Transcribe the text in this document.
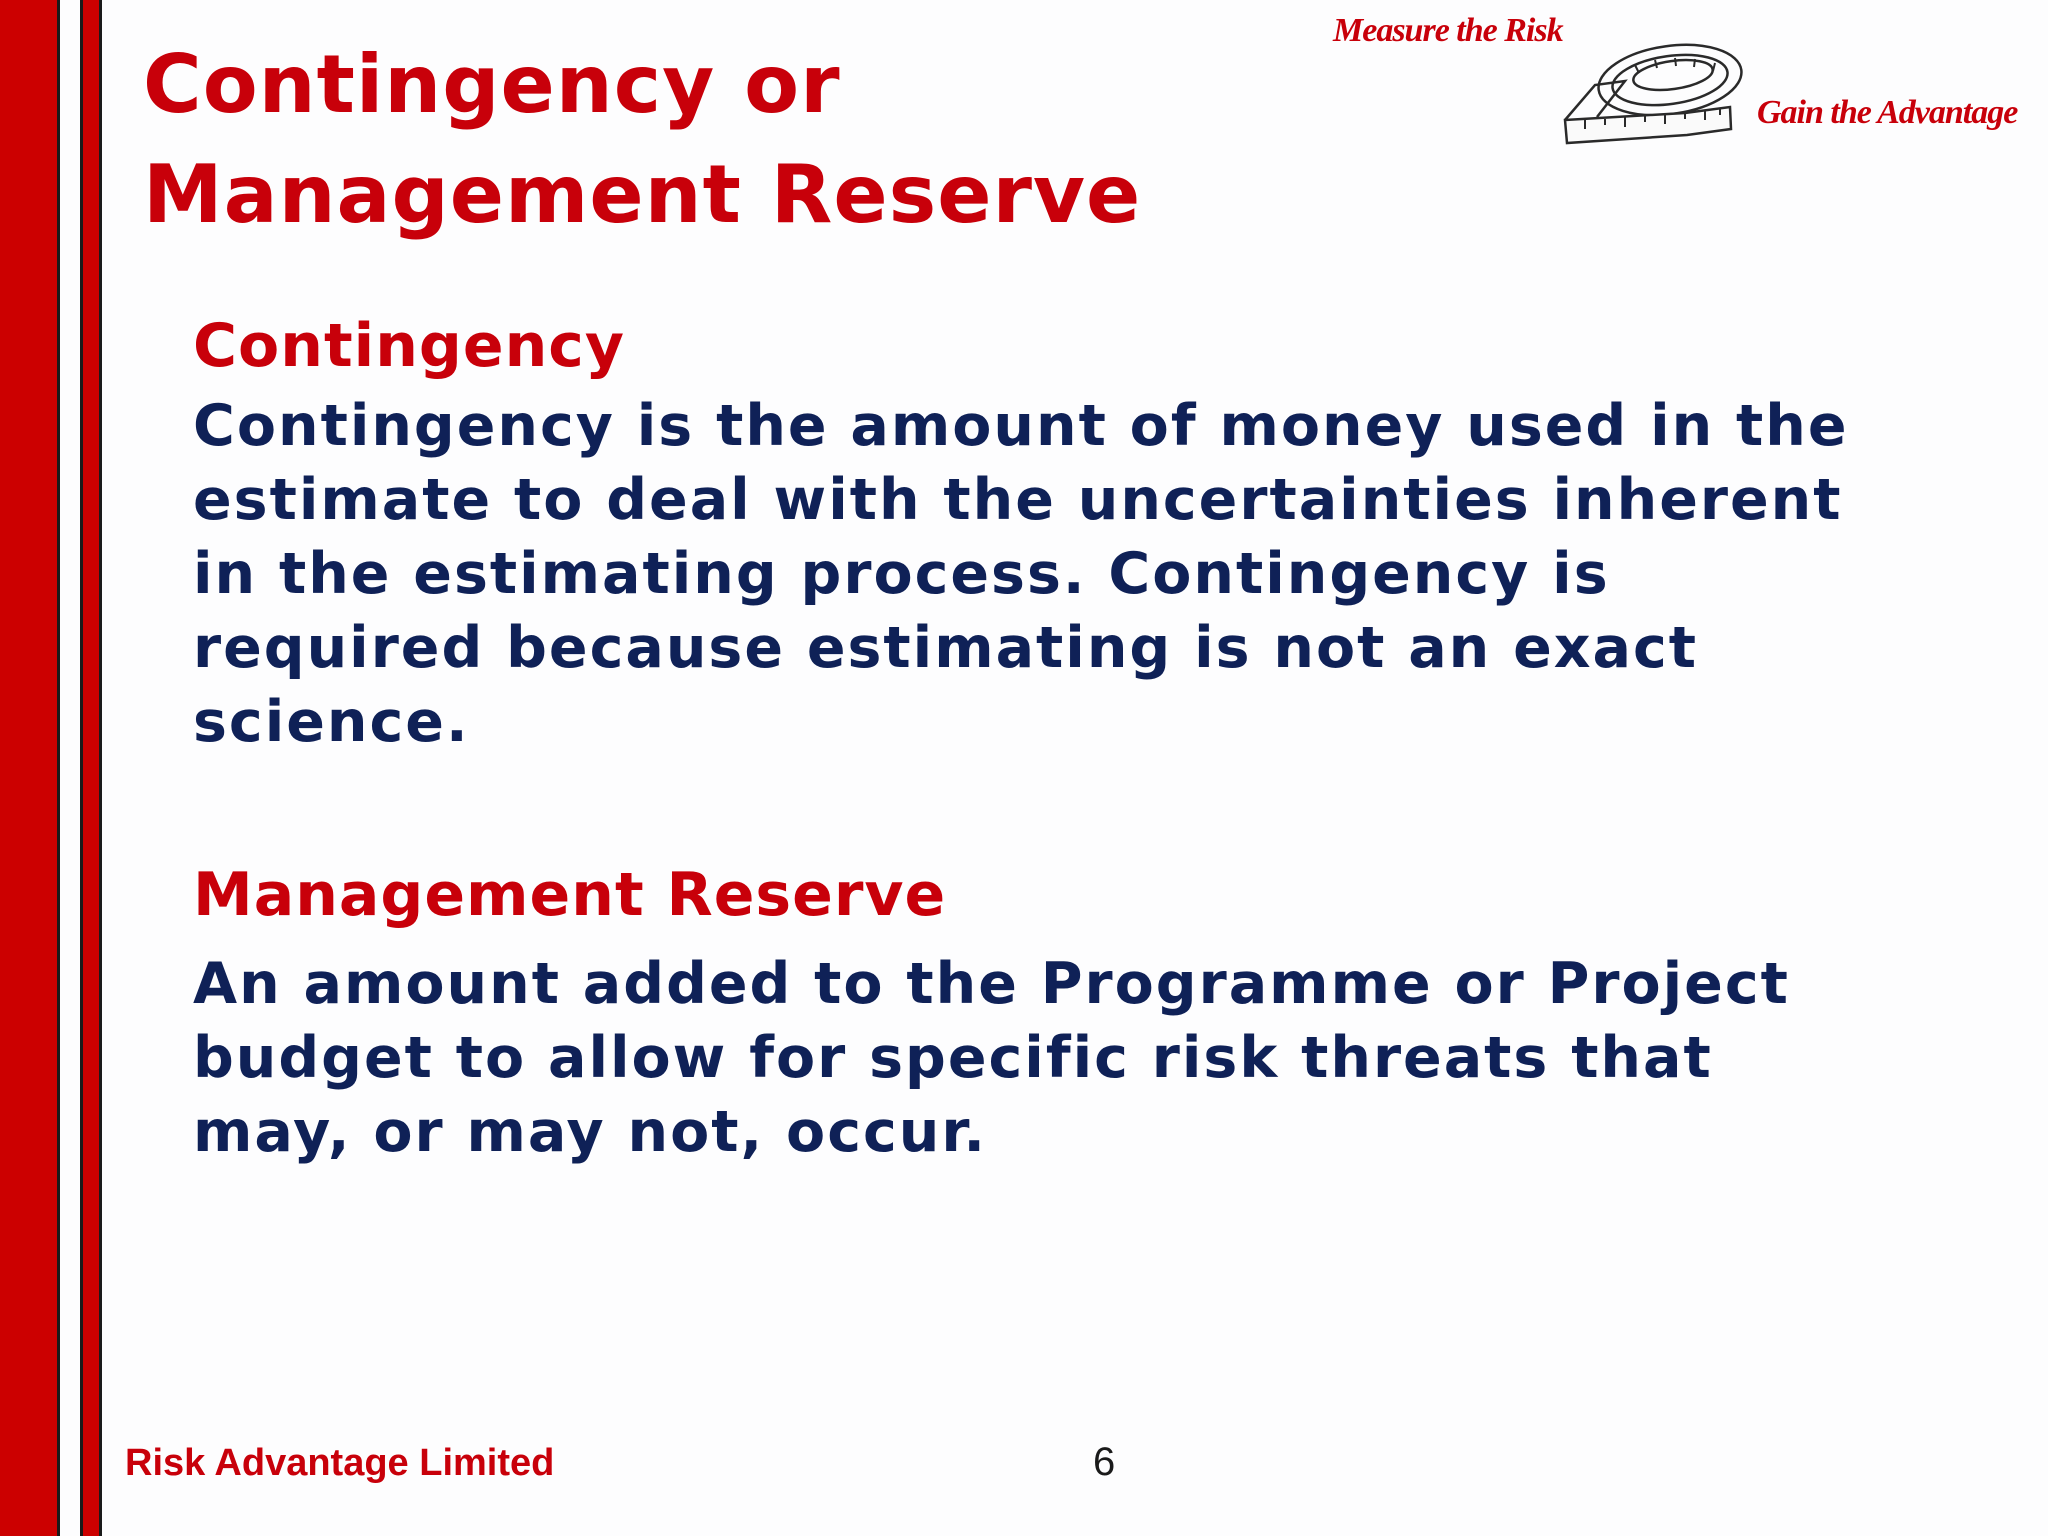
Contingency or
Management Reserve
Measure the Risk
Gain the Advantage
Contingency
Contingency is the amount of money used in the
estimate to deal with the uncertainties inherent
in the estimating process. Contingency is
required because estimating is not an exact
science.
Management Reserve
An amount added to the Programme or Project
budget to allow for specific risk threats that
may, or may not, occur.
Risk Advantage Limited	6
